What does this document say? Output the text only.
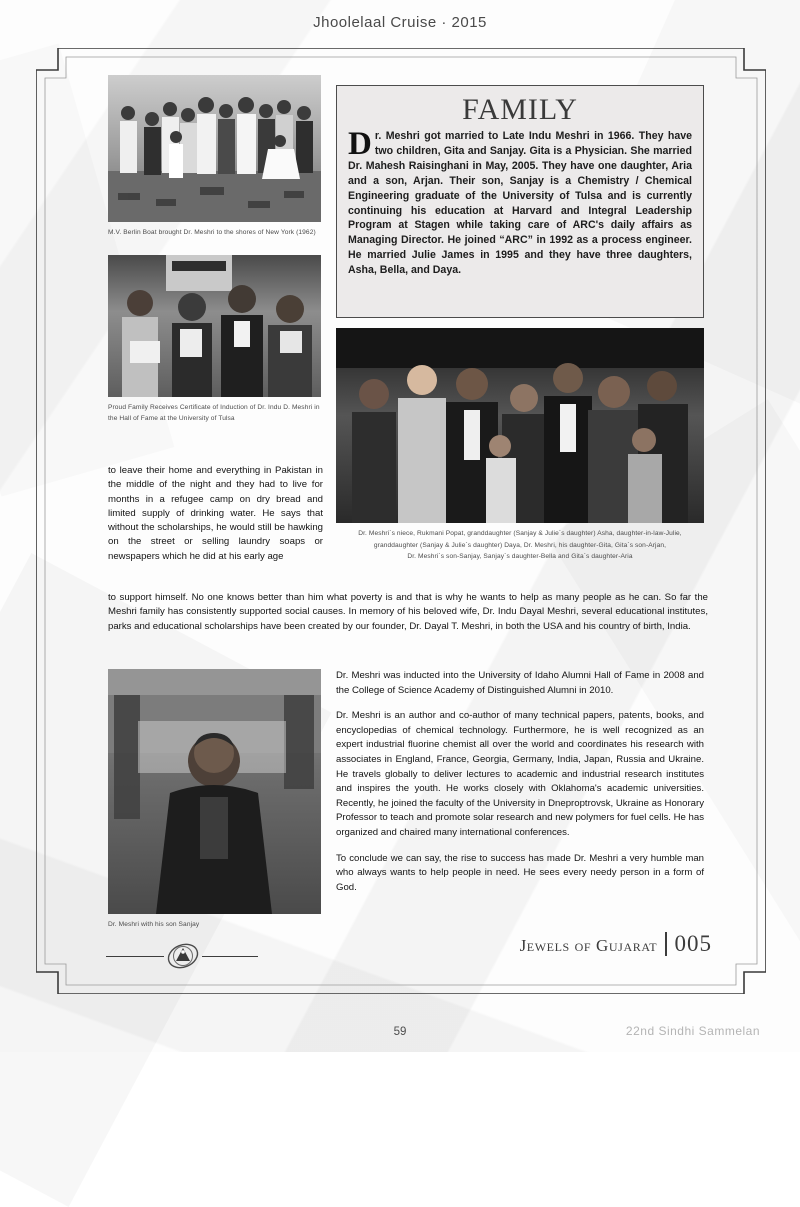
Jhoolelaal Cruise · 2015
M.V. Berlin Boat brought Dr. Meshri to the shores of New York (1962)
Proud Family Receives Certificate of Induction of Dr. Indu D. Meshri in the Hall of Fame at the University of Tulsa
FAMILY
Dr. Meshri got married to Late Indu Meshri in 1966. They have two children, Gita and Sanjay. Gita is a Physician. She married Dr. Mahesh Raisinghani in May, 2005. They have one daughter, Aria and a son, Arjan. Their son, Sanjay is a Chemistry / Chemical Engineering graduate of the University of Tulsa and is currently continuing his education at Harvard and Integral Leadership Program at Stagen while taking care of ARC's daily affairs as Managing Director. He joined “ARC” in 1992 as a process engineer. He married Julie James in 1995 and they have three daughters, Asha, Bella, and Daya.
Dr. Meshri`s niece, Rukmani Popat, granddaughter (Sanjay & Julie`s daughter) Asha, daughter-in-law-Julie,
granddaughter (Sanjay & Julie`s daughter) Daya, Dr. Meshri, his daughter-Gita, Gita`s son-Arjan,
Dr. Meshri`s son-Sanjay, Sanjay`s daughter-Bella and Gita`s daughter-Aria

to leave their home and everything in Pakistan in the middle of the night and they had to live for months in a refugee camp on dry bread and limited supply of drinking water. He says that without the scholarships, he would still be hawking on the street or selling laundry soaps or newspapers which he did at his early age

to support himself. No one knows better than him what poverty is and that is why he wants to help as many people as he can. So far the Meshri family has consistently supported social causes. In memory of his beloved wife, Dr. Indu Dayal Meshri, several educational institutes, parks and educational scholarships have been created by our founder, Dr. Dayal T. Meshri, in both the USA and his country of birth, India.

Dr. Meshri with his son Sanjay

Dr. Meshri was inducted into the University of Idaho Alumni Hall of Fame in 2008 and the College of Science Academy of Distinguished Alumni in 2010.

Dr. Meshri is an author and co-author of many technical papers, patents, books, and encyclopedias of chemical technology. Furthermore, he is well recognized as an expert industrial fluorine chemist all over the world and coordinates his research with associates in England, France, Georgia, Germany, India, Japan, Russia and Ukraine. He travels globally to deliver lectures to academic and industrial research institutes and inspires the youth. He works closely with Oklahoma's academic universities. Recently, he joined the faculty of the University in Dneproptrovsk, Ukraine as Honorary Professor to teach and promote solar research and new polymers for fuel cells. He has organized and chaired many international conferences.

To conclude we can say, the rise to success has made Dr. Meshri a very humble man who always wants to help people in need. He sees every needy person in a form of God.

Jewels of Gujarat 005
59	22nd Sindhi Sammelan
